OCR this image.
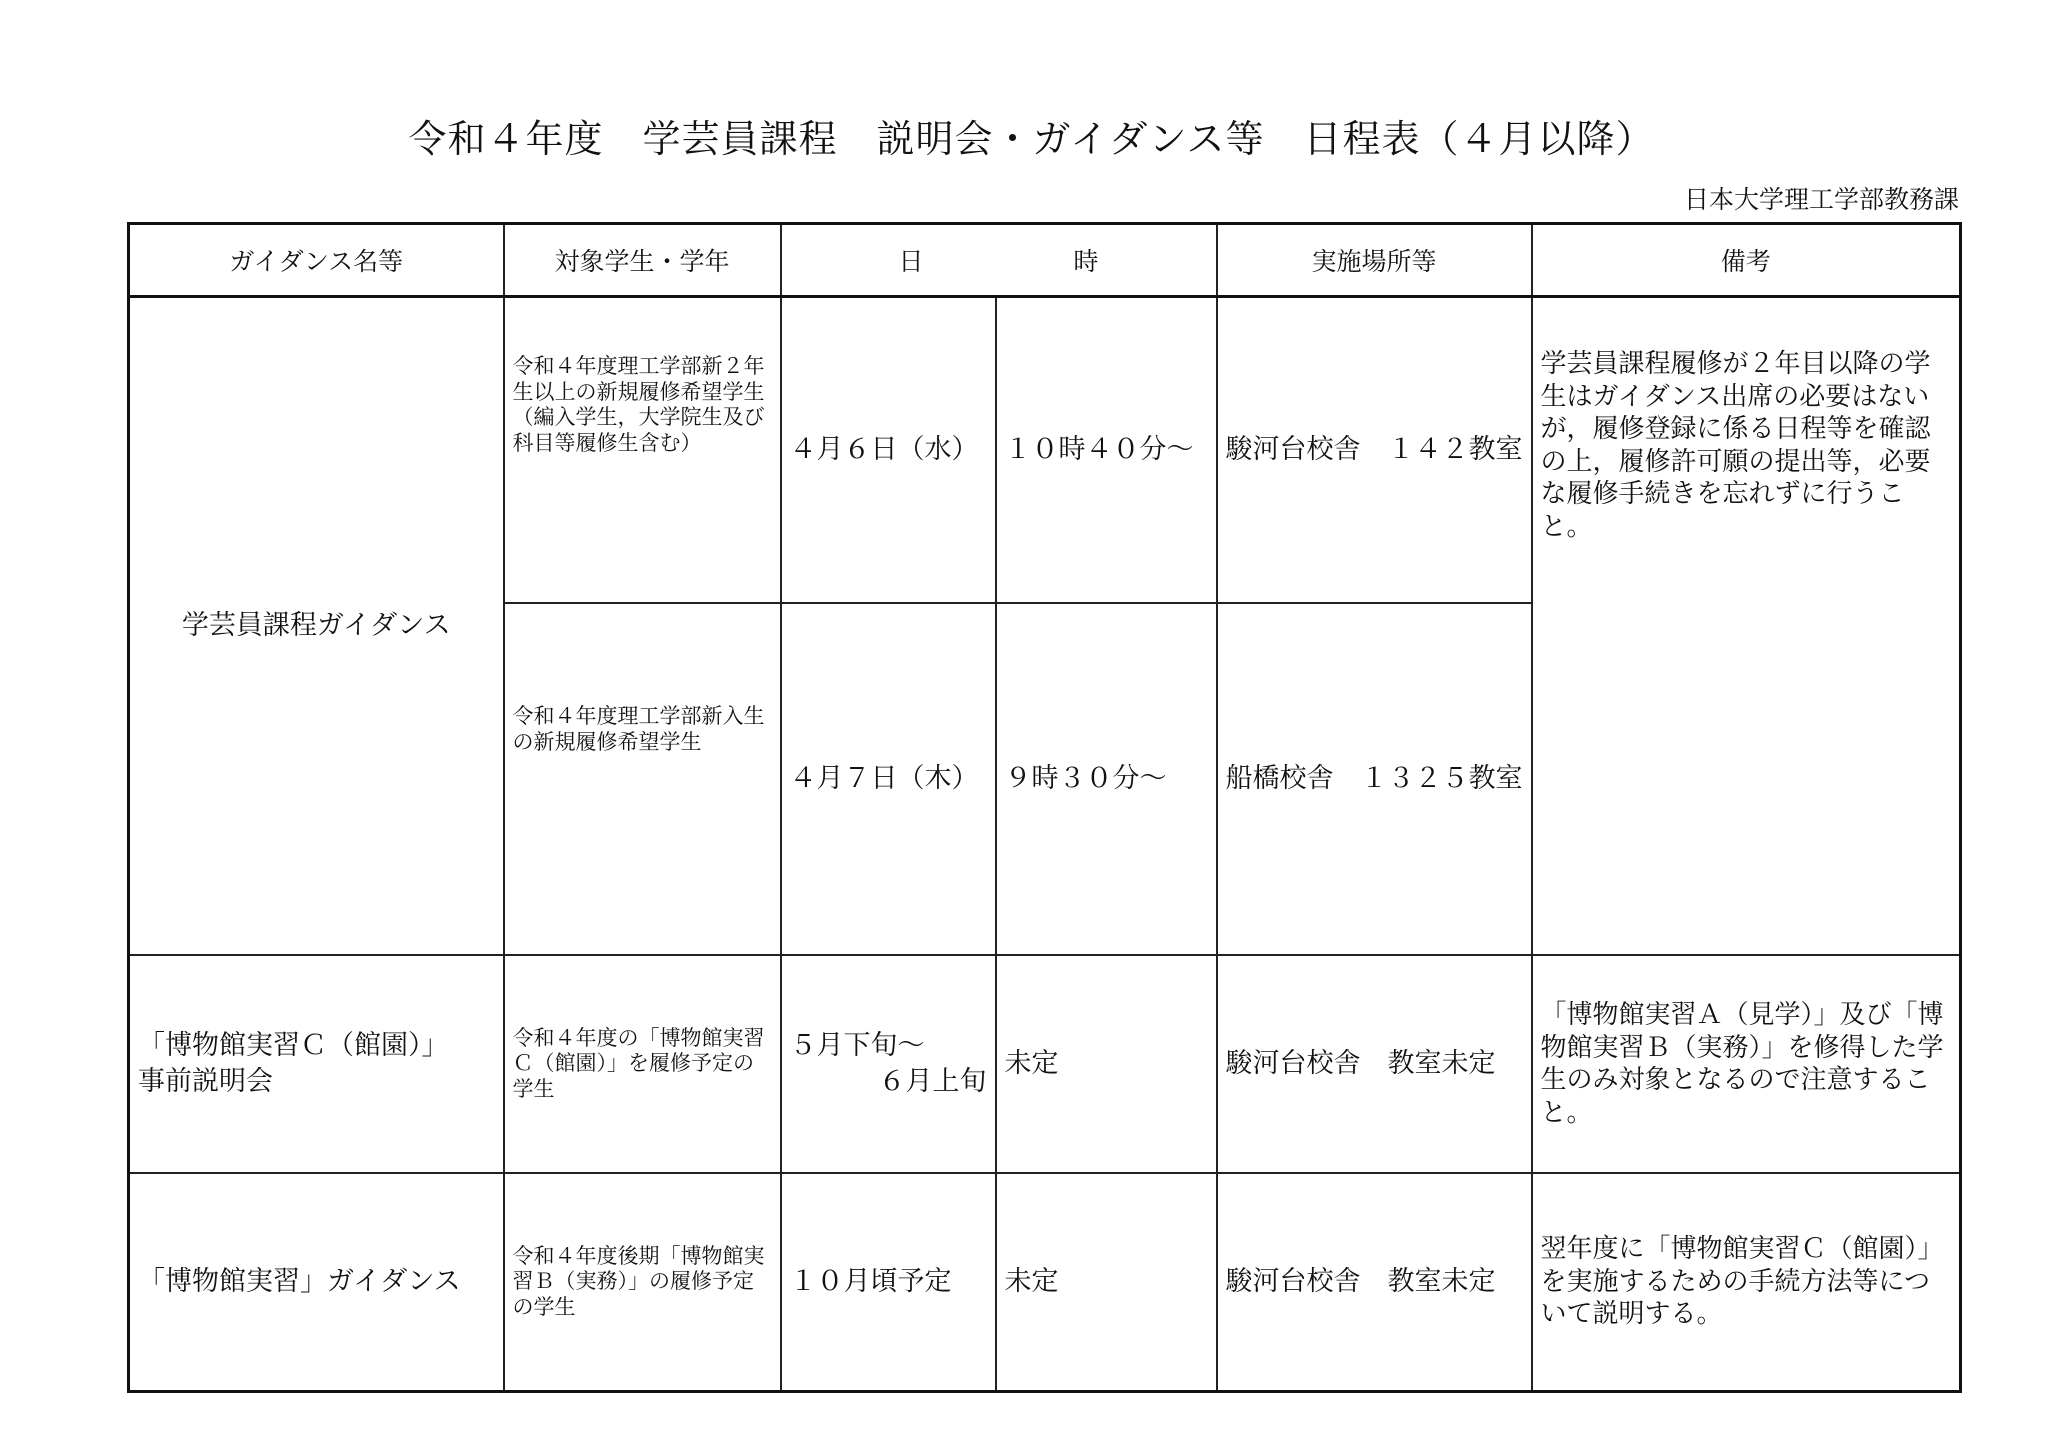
令和４年度　学芸員課程　説明会・ガイダンス等　日程表（４月以降）
日本大学理工学部教務課
ガイダンス名等	対象学生・学年	日　　　　　　時		実施場所等	備考
学芸員課程ガイダンス	令和４年度理工学部新２年生以上の新規履修希望学生（編入学生，大学院生及び科目等履修生含む）	４月６日（水）	１０時４０分～	駿河台校舎　１４２教室	学芸員課程履修が２年目以降の学生はガイダンス出席の必要はないが，履修登録に係る日程等を確認の上，履修許可願の提出等，必要な履修手続きを忘れずに行うこと。
	令和４年度理工学部新入生の新規履修希望学生	４月７日（木）	９時３０分～	船橋校舎　１３２５教室	

「博物館実習Ｃ（館園）」
事前説明会	令和４年度の「博物館実習Ｃ（館園）」を履修予定の学生	５月下旬～
６月上旬	未定	駿河台校舎　教室未定	「博物館実習Ａ（見学）」及び「博物館実習Ｂ（実務）」を修得した学生のみ対象となるので注意すること。
「博物館実習」ガイダンス	令和４年度後期「博物館実習Ｂ（実務）」の履修予定の学生	１０月頃予定	未定	駿河台校舎　教室未定	翌年度に「博物館実習Ｃ（館園）」を実施するための手続方法等について説明する。
